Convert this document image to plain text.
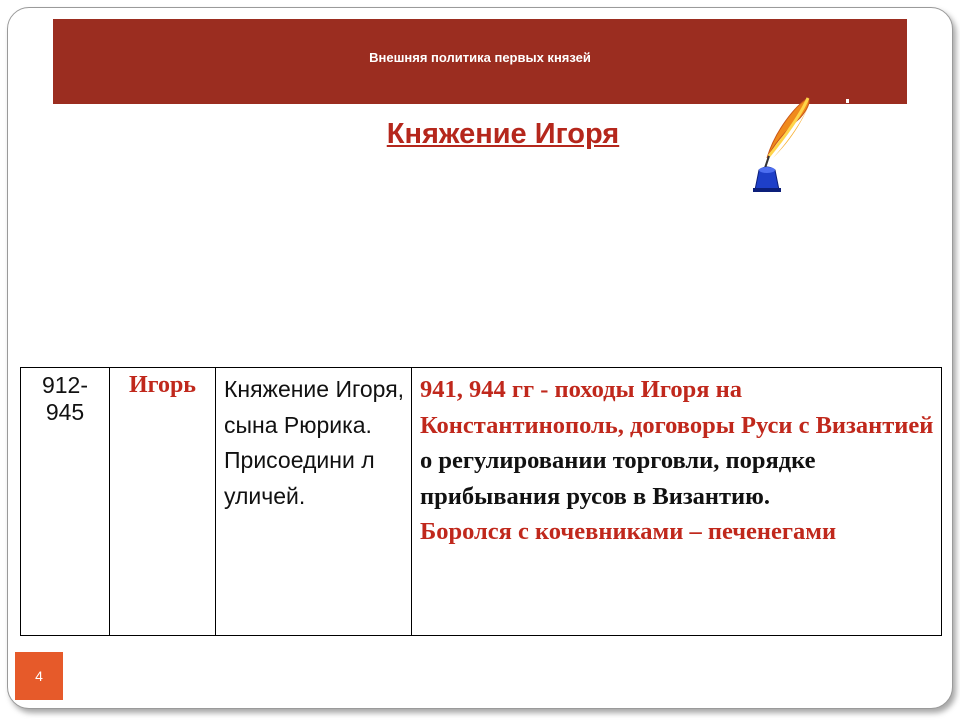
Внешняя политика первых князей
Княжение Игоря
912-945	Игорь	Княжение Игоря, сына Рюрика. Присоедини л уличей.	941, 944 гг - походы Игоря на Константинополь, договоры Руси с Византией о регулировании торговли, порядке прибывания русов в Византию.
Боролся с кочевниками – печенегами
4
